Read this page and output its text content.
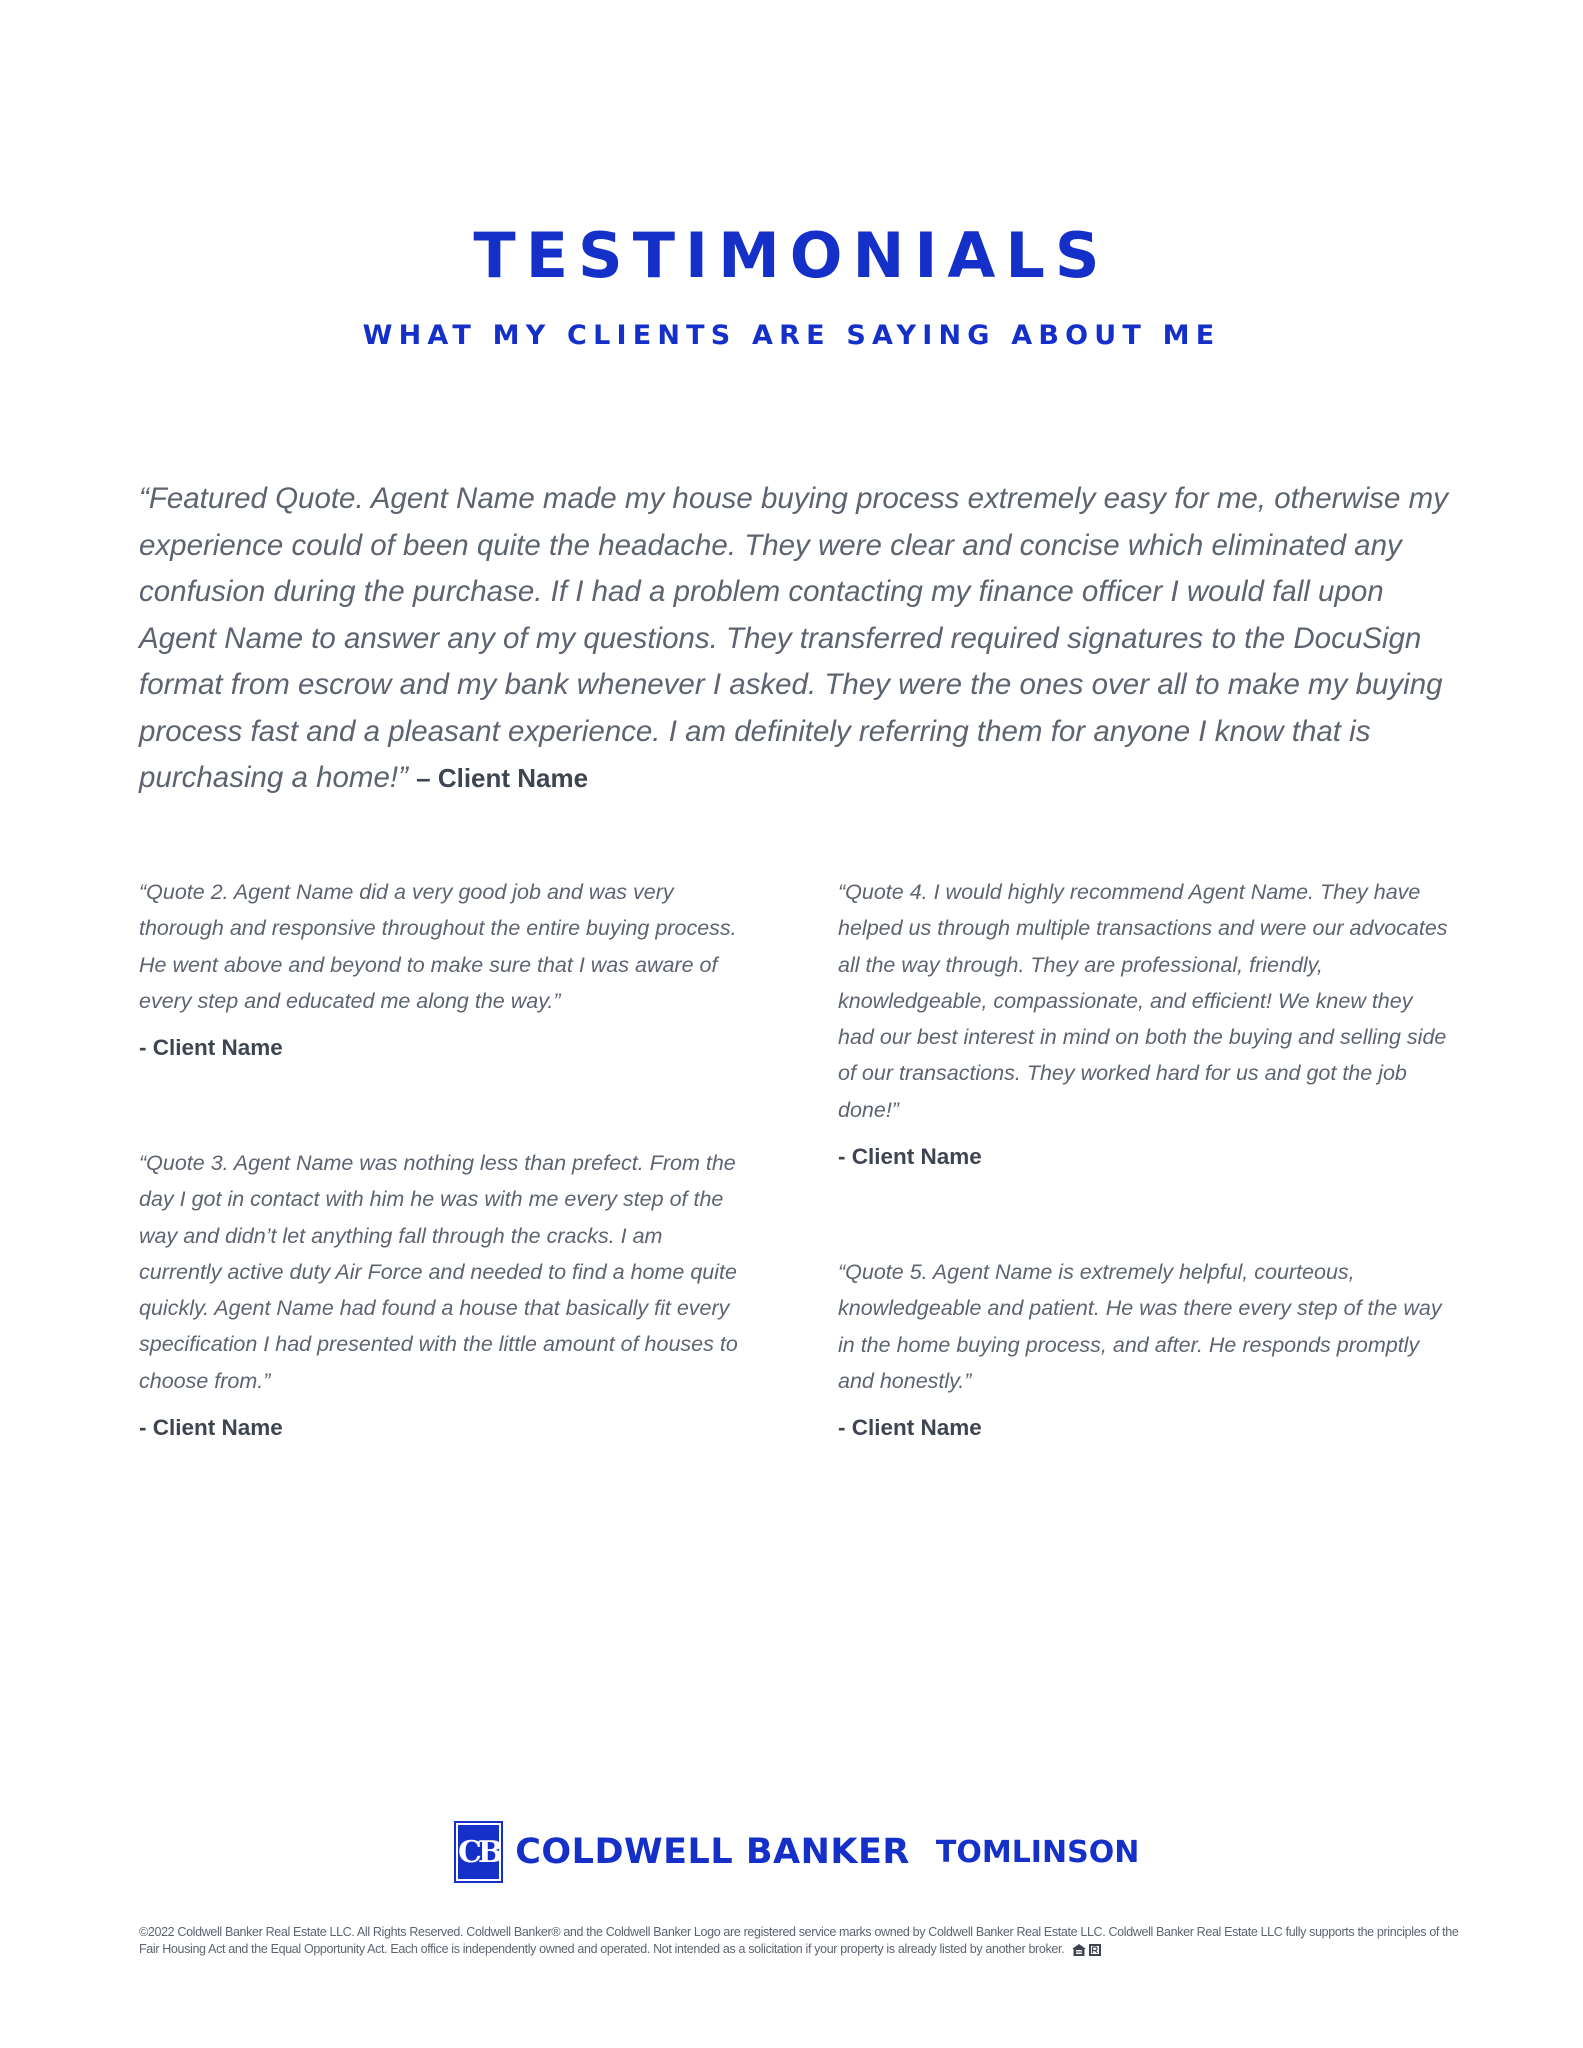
TESTIMONIALS
WHAT MY CLIENTS ARE SAYING ABOUT ME

“Featured Quote. Agent Name made my house buying process extremely easy for me, otherwise my experience could of been quite the headache. They were clear and concise which eliminated any confusion during the purchase. If I had a problem contacting my finance officer I would fall upon Agent Name to answer any of my questions. They transferred required signatures to the DocuSign format from escrow and my bank whenever I asked. They were the ones over all to make my buying process fast and a pleasant experience. I am definitely referring them for anyone I know that is purchasing a home!” – Client Name

“Quote 2. Agent Name did a very good job and was very thorough and responsive throughout the entire buying process. He went above and beyond to make sure that I was aware of every step and educated me along the way.”

- Client Name

“Quote 3. Agent Name was nothing less than prefect. From the day I got in contact with him he was with me every step of the way and didn’t let anything fall through the cracks. I am currently active duty Air Force and needed to find a home quite quickly. Agent Name had found a house that basically fit every specification I had presented with the little amount of houses to choose from.”

- Client Name

“Quote 4. I would highly recommend Agent Name. They have helped us through multiple transactions and were our advocates all the way through. They are professional, friendly, knowledgeable, compassionate, and efficient! We knew they had our best interest in mind on both the buying and selling side of our transactions. They worked hard for us and got the job done!”

- Client Name

“Quote 5. Agent Name is extremely helpful, courteous, knowledgeable and patient. He was there every step of the way in the home buying process, and after. He responds promptly and honestly.”

- Client Name
CB COLDWELL BANKER TOMLINSON
©2022 Coldwell Banker Real Estate LLC. All Rights Reserved. Coldwell Banker® and the Coldwell Banker Logo are registered service marks owned by Coldwell Banker Real Estate LLC. Coldwell Banker Real Estate LLC fully supports the principles of the Fair Housing Act and the Equal Opportunity Act. Each office is independently owned and operated. Not intended as a solicitation if your property is already listed by another broker.
